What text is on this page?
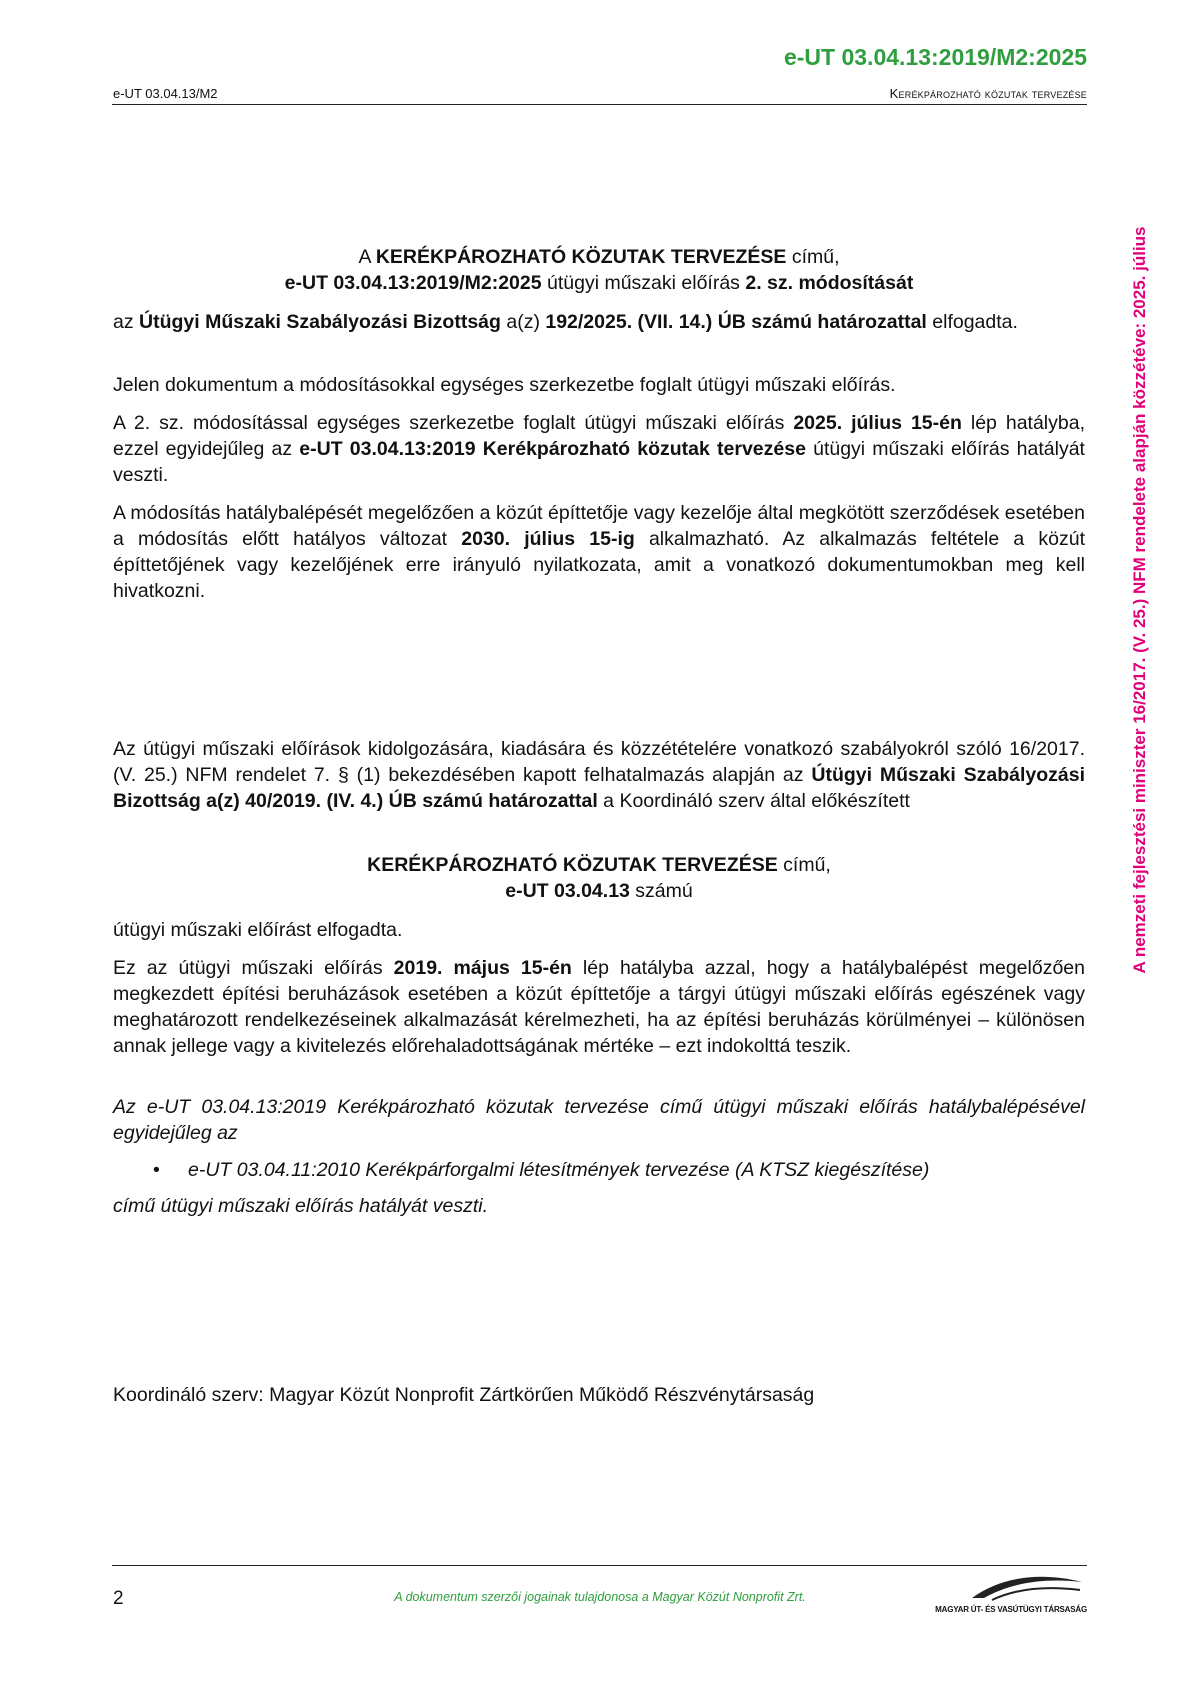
e-UT 03.04.13:2019/M2:2025
e-UT 03.04.13/M2	Kerékpározható közutak tervezése
A nemzeti fejlesztési miniszter 16/2017. (V. 25.) NFM rendelete alapján közzétéve: 2025. július

A KERÉKPÁROZHATÓ KÖZUTAK TERVEZÉSE című,
e-UT 03.04.13:2019/M2:2025 útügyi műszaki előírás 2. sz. módosítását

az Útügyi Műszaki Szabályozási Bizottság a(z) 192/2025. (VII. 14.) ÚB számú határozattal elfogadta.

Jelen dokumentum a módosításokkal egységes szerkezetbe foglalt útügyi műszaki előírás.

A 2. sz. módosítással egységes szerkezetbe foglalt útügyi műszaki előírás 2025. július 15-én lép hatályba, ezzel egyidejűleg az e-UT 03.04.13:2019 Kerékpározható közutak tervezése útügyi műszaki előírás hatályát veszti.

A módosítás hatálybalépését megelőzően a közút építtetője vagy kezelője által megkötött szerződések esetében a módosítás előtt hatályos változat 2030. július 15-ig alkalmazható. Az alkalmazás feltétele a közút építtetőjének vagy kezelőjének erre irányuló nyilatkozata, amit a vonatkozó dokumentumokban meg kell hivatkozni.

Az útügyi műszaki előírások kidolgozására, kiadására és közzétételére vonatkozó szabályokról szóló 16/2017. (V. 25.) NFM rendelet 7. § (1) bekezdésében kapott felhatalmazás alapján az Útügyi Műszaki Szabályozási Bizottság a(z) 40/2019. (IV. 4.) ÚB számú határozattal a Koordináló szerv által előkészített

KERÉKPÁROZHATÓ KÖZUTAK TERVEZÉSE című,
e-UT 03.04.13 számú

útügyi műszaki előírást elfogadta.

Ez az útügyi műszaki előírás 2019. május 15-én lép hatályba azzal, hogy a hatálybalépést megelőzően megkezdett építési beruházások esetében a közút építtetője a tárgyi útügyi műszaki előírás egészének vagy meghatározott rendelkezéseinek alkalmazását kérelmezheti, ha az építési beruházás körülményei – különösen annak jellege vagy a kivitelezés előrehaladottságának mértéke – ezt indokolttá teszik.

Az e-UT 03.04.13:2019 Kerékpározható közutak tervezése című útügyi műszaki előírás hatálybalépésével egyidejűleg az

• e-UT 03.04.11:2010 Kerékpárforgalmi létesítmények tervezése (A KTSZ kiegészítése)

című útügyi műszaki előírás hatályát veszti.

Koordináló szerv: Magyar Közút Nonprofit Zártkörűen Működő Részvénytársaság

2	A dokumentum szerzői jogainak tulajdonosa a Magyar Közút Nonprofit Zrt.
MAGYAR ÚT- ÉS VASÚTÜGYI TÁRSASÁG
